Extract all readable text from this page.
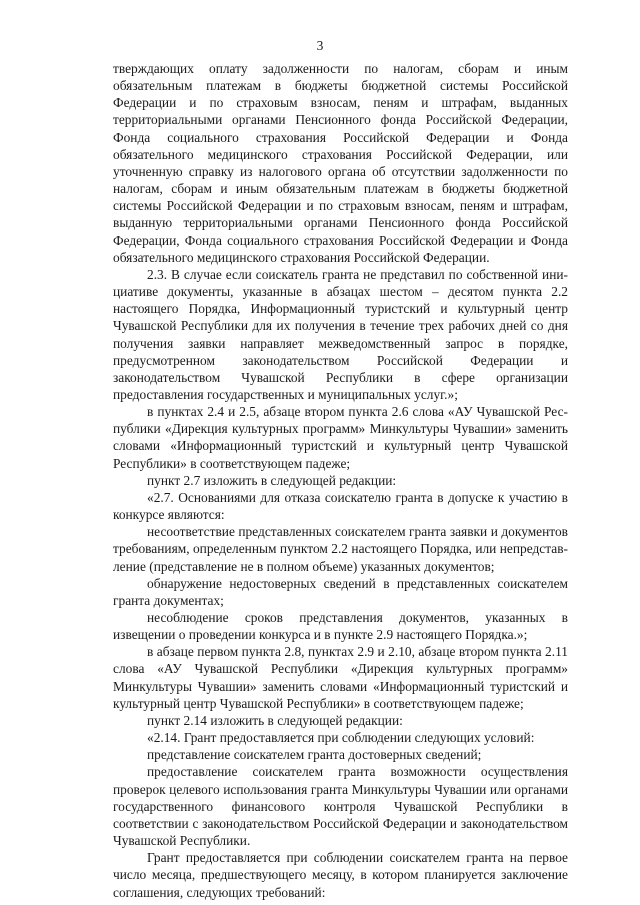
3

тверждающих оплату задолженности по налогам, сборам и иным обязательным платежам в бюджеты бюджетной системы Российской Федерации и по страховым взносам, пеням и штрафам, выданных территориальными органами Пенсионного фонда Российской Федерации, Фонда социального страхования Российской Федерации и Фонда обязательного медицинского страхования Российской Федерации, или уточненную справку из налогового органа об отсутствии задолженности по налогам, сборам и иным обязательным платежам в бюджеты бюджетной системы Российской Федерации и по страховым взносам, пеням и штрафам, выданную территориальными органами Пенсионного фонда Российской Федерации, Фонда социального страхования Российской Федерации и Фонда обязательного медицинского страхования Российской Федерации.

2.3. В случае если соискатель гранта не представил по собственной инициативе документы, указанные в абзацах шестом – десятом пункта 2.2 настоящего Порядка, Информационный туристский и культурный центр Чувашской Республики для их получения в течение трех рабочих дней со дня получения заявки направляет межведомственный запрос в порядке, предусмотренном законодательством Российской Федерации и законодательством Чувашской Республики в сфере организации предоставления государственных и муниципальных услуг.»;

в пунктах 2.4 и 2.5, абзаце втором пункта 2.6 слова «АУ Чувашской Республики «Дирекция культурных программ» Минкультуры Чувашии» заменить словами «Информационный туристский и культурный центр Чувашской Республики» в соответствующем падеже;

пункт 2.7 изложить в следующей редакции:

«2.7. Основаниями для отказа соискателю гранта в допуске к участию в конкурсе являются:

несоответствие представленных соискателем гранта заявки и документов требованиям, определенным пунктом 2.2 настоящего Порядка, или непредставление (представление не в полном объеме) указанных документов;

обнаружение недостоверных сведений в представленных соискателем гранта документах;

несоблюдение сроков представления документов, указанных в извещении о проведении конкурса и в пункте 2.9 настоящего Порядка.»;

в абзаце первом пункта 2.8, пунктах 2.9 и 2.10, абзаце втором пункта 2.11 слова «АУ Чувашской Республики «Дирекция культурных программ» Минкультуры Чувашии» заменить словами «Информационный туристский и культурный центр Чувашской Республики» в соответствующем падеже;

пункт 2.14 изложить в следующей редакции:

«2.14. Грант предоставляется при соблюдении следующих условий:

представление соискателем гранта достоверных сведений;

предоставление соискателем гранта возможности осуществления проверок целевого использования гранта Минкультуры Чувашии или органами государственного финансового контроля Чувашской Республики в соответствии с законодательством Российской Федерации и законодательством Чувашской Республики.

Грант предоставляется при соблюдении соискателем гранта на первое число месяца, предшествующего месяцу, в котором планируется заключение соглашения, следующих требований:
